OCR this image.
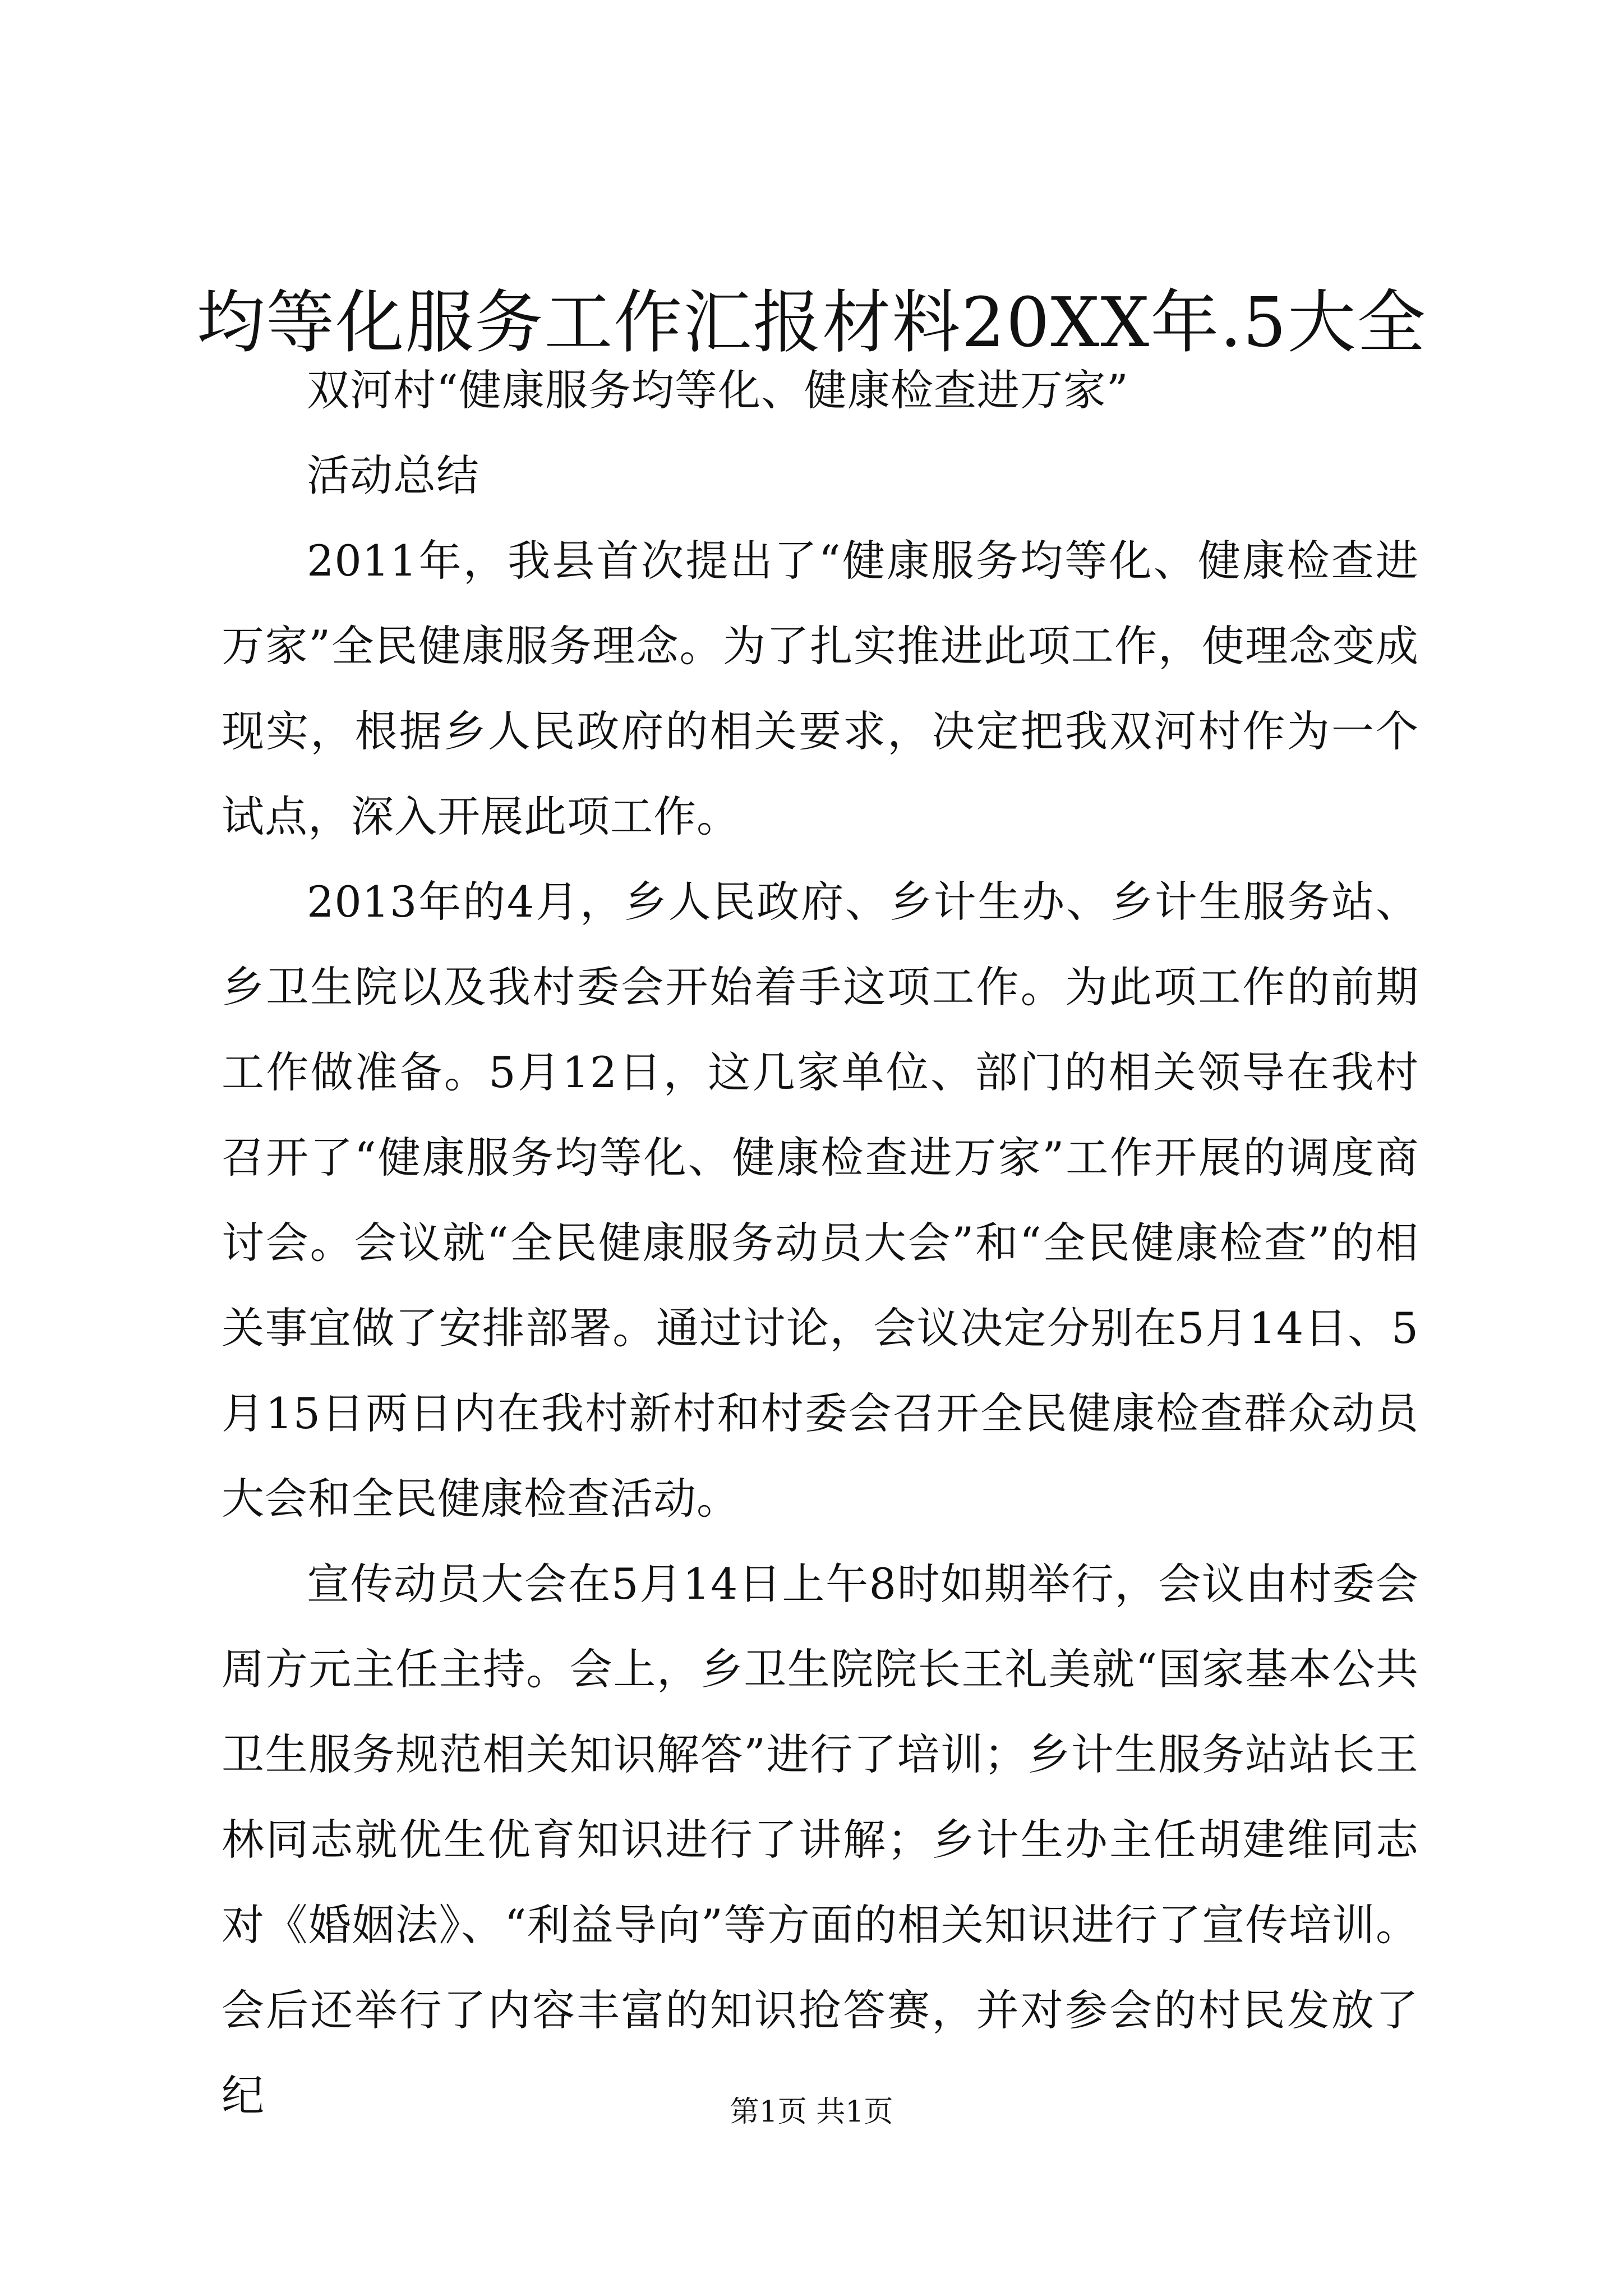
均等化服务工作汇报材料20XX年.5大全

双河村“健康服务均等化、健康检查进万家”

活动总结

2011年，我县首次提出了“健康服务均等化、健康检查进万家”全民健康服务理念。为了扎实推进此项工作，使理念变成现实，根据乡人民政府的相关要求，决定把我双河村作为一个试点，深入开展此项工作。

2013年的4月，乡人民政府、乡计生办、乡计生服务站、乡卫生院以及我村委会开始着手这项工作。为此项工作的前期工作做准备。5月12日，这几家单位、部门的相关领导在我村召开了“健康服务均等化、健康检查进万家”工作开展的调度商讨会。会议就“全民健康服务动员大会”和“全民健康检查”的相关事宜做了安排部署。通过讨论，会议决定分别在5月14日、5月15日两日内在我村新村和村委会召开全民健康检查群众动员大会和全民健康检查活动。

宣传动员大会在5月14日上午8时如期举行，会议由村委会周方元主任主持。会上，乡卫生院院长王礼美就“国家基本公共卫生服务规范相关知识解答”进行了培训；乡计生服务站站长王林同志就优生优育知识进行了讲解；乡计生办主任胡建维同志对《婚姻法》、“利益导向”等方面的相关知识进行了宣传培训。会后还举行了内容丰富的知识抢答赛，并对参会的村民发放了纪	第1页 共1页
